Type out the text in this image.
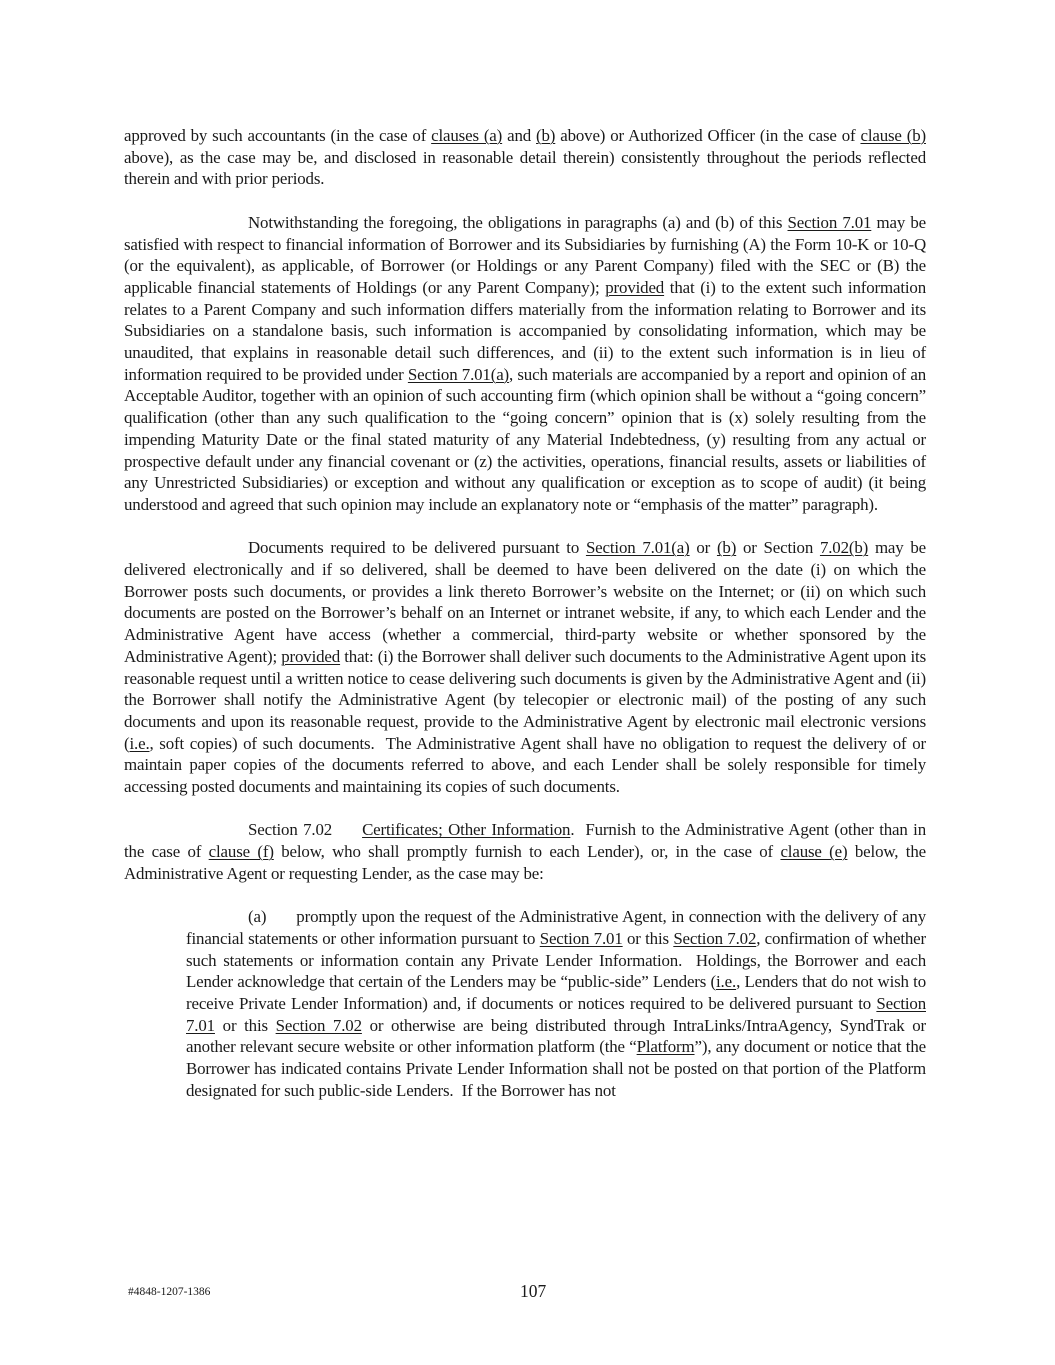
approved by such accountants (in the case of clauses (a) and (b) above) or Authorized Officer (in the case of clause (b) above), as the case may be, and disclosed in reasonable detail therein) consistently throughout the periods reflected therein and with prior periods.

Notwithstanding the foregoing, the obligations in paragraphs (a) and (b) of this Section 7.01 may be satisfied with respect to financial information of Borrower and its Subsidiaries by furnishing (A) the Form 10-K or 10-Q (or the equivalent), as applicable, of Borrower (or Holdings or any Parent Company) filed with the SEC or (B) the applicable financial statements of Holdings (or any Parent Company); provided that (i) to the extent such information relates to a Parent Company and such information differs materially from the information relating to Borrower and its Subsidiaries on a standalone basis, such information is accompanied by consolidating information, which may be unaudited, that explains in reasonable detail such differences, and (ii) to the extent such information is in lieu of information required to be provided under Section 7.01(a), such materials are accompanied by a report and opinion of an Acceptable Auditor, together with an opinion of such accounting firm (which opinion shall be without a “going concern” qualification (other than any such qualification to the “going concern” opinion that is (x) solely resulting from the impending Maturity Date or the final stated maturity of any Material Indebtedness, (y) resulting from any actual or prospective default under any financial covenant or (z) the activities, operations, financial results, assets or liabilities of any Unrestricted Subsidiaries) or exception and without any qualification or exception as to scope of audit) (it being understood and agreed that such opinion may include an explanatory note or “emphasis of the matter” paragraph).

Documents required to be delivered pursuant to Section 7.01(a) or (b) or Section 7.02(b) may be delivered electronically and if so delivered, shall be deemed to have been delivered on the date (i) on which the Borrower posts such documents, or provides a link thereto Borrower’s website on the Internet; or (ii) on which such documents are posted on the Borrower’s behalf on an Internet or intranet website, if any, to which each Lender and the Administrative Agent have access (whether a commercial, third-party website or whether sponsored by the Administrative Agent); provided that: (i) the Borrower shall deliver such documents to the Administrative Agent upon its reasonable request until a written notice to cease delivering such documents is given by the Administrative Agent and (ii) the Borrower shall notify the Administrative Agent (by telecopier or electronic mail) of the posting of any such documents and upon its reasonable request, provide to the Administrative Agent by electronic mail electronic versions (i.e., soft copies) of such documents.  The Administrative Agent shall have no obligation to request the delivery of or maintain paper copies of the documents referred to above, and each Lender shall be solely responsible for timely accessing posted documents and maintaining its copies of such documents.

Section 7.02 Certificates; Other Information.  Furnish to the Administrative Agent (other than in the case of clause (f) below, who shall promptly furnish to each Lender), or, in the case of clause (e) below, the Administrative Agent or requesting Lender, as the case may be:

(a) promptly upon the request of the Administrative Agent, in connection with the delivery of any financial statements or other information pursuant to Section 7.01 or this Section 7.02, confirmation of whether such statements or information contain any Private Lender Information.  Holdings, the Borrower and each Lender acknowledge that certain of the Lenders may be “public-side” Lenders (i.e., Lenders that do not wish to receive Private Lender Information) and, if documents or notices required to be delivered pursuant to Section 7.01 or this Section 7.02 or otherwise are being distributed through IntraLinks/IntraAgency, SyndTrak or another relevant secure website or other information platform (the “Platform”), any document or notice that the Borrower has indicated contains Private Lender Information shall not be posted on that portion of the Platform designated for such public-side Lenders.  If the Borrower has not

#4848-1207-1386	107
